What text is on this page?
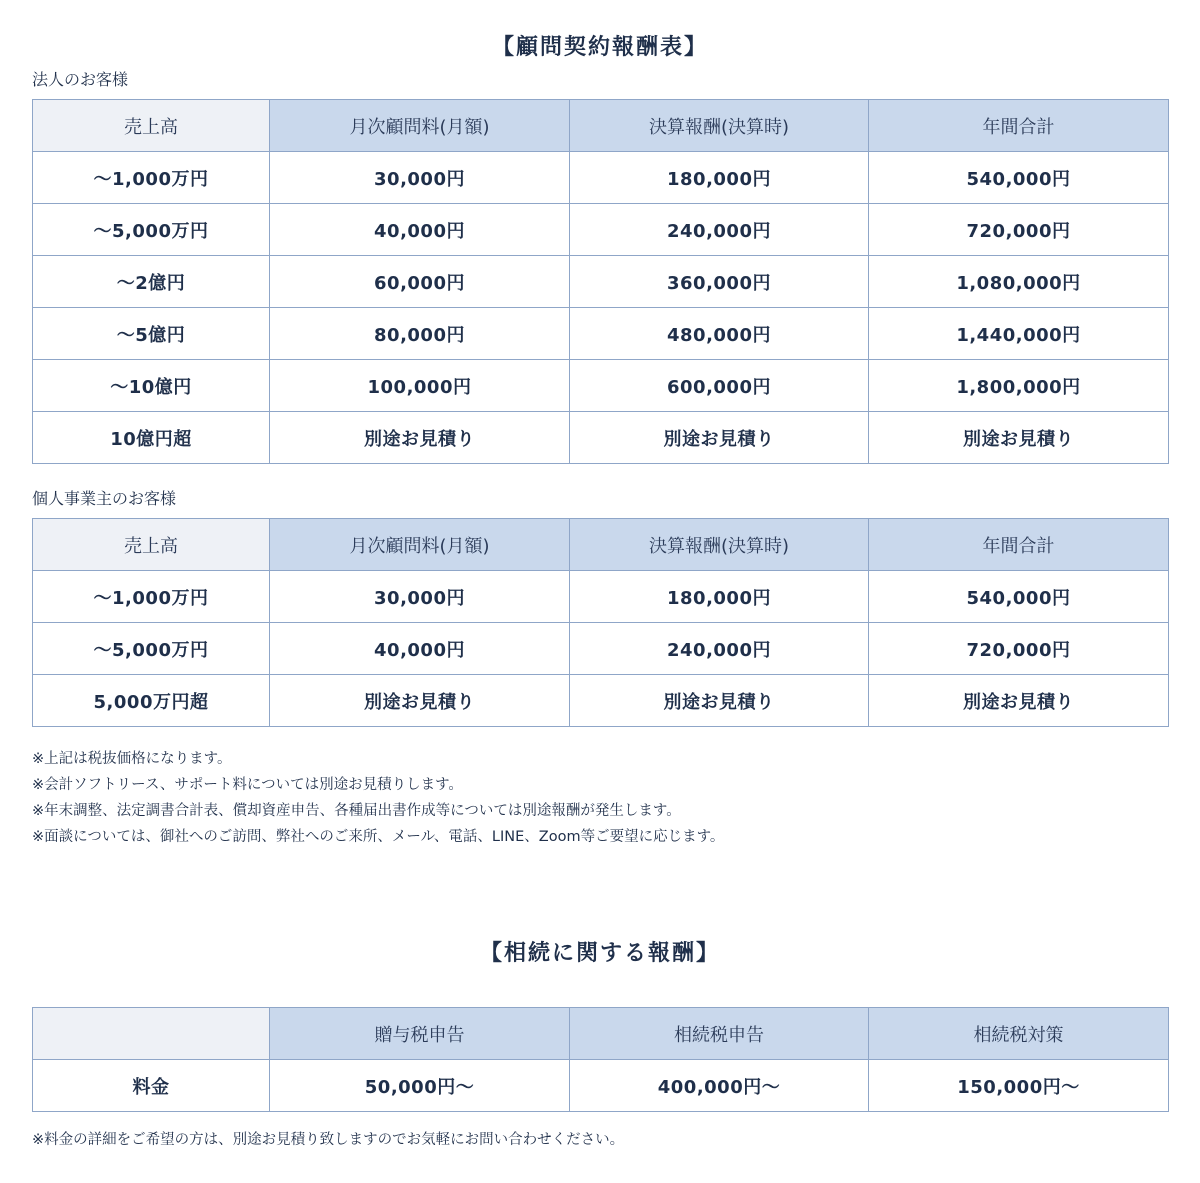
【顧問契約報酬表】
法人のお客様
売上高	月次顧問料(月額)	決算報酬(決算時)	年間合計
～1,000万円	30,000円	180,000円	540,000円
～5,000万円	40,000円	240,000円	720,000円
～2億円	60,000円	360,000円	1,080,000円
～5億円	80,000円	480,000円	1,440,000円
～10億円	100,000円	600,000円	1,800,000円
10億円超	別途お見積り	別途お見積り	別途お見積り
個人事業主のお客様
売上高	月次顧問料(月額)	決算報酬(決算時)	年間合計
～1,000万円	30,000円	180,000円	540,000円
～5,000万円	40,000円	240,000円	720,000円
5,000万円超	別途お見積り	別途お見積り	別途お見積り
※上記は税抜価格になります。
※会計ソフトリース、サポート料については別途お見積りします。
※年末調整、法定調書合計表、償却資産申告、各種届出書作成等については別途報酬が発生します。
※面談については、御社へのご訪問、弊社へのご来所、メール、電話、LINE、Zoom等ご要望に応じます。
【相続に関する報酬】
	贈与税申告	相続税申告	相続税対策
料金	50,000円～	400,000円～	150,000円～
※料金の詳細をご希望の方は、別途お見積り致しますのでお気軽にお問い合わせください。
